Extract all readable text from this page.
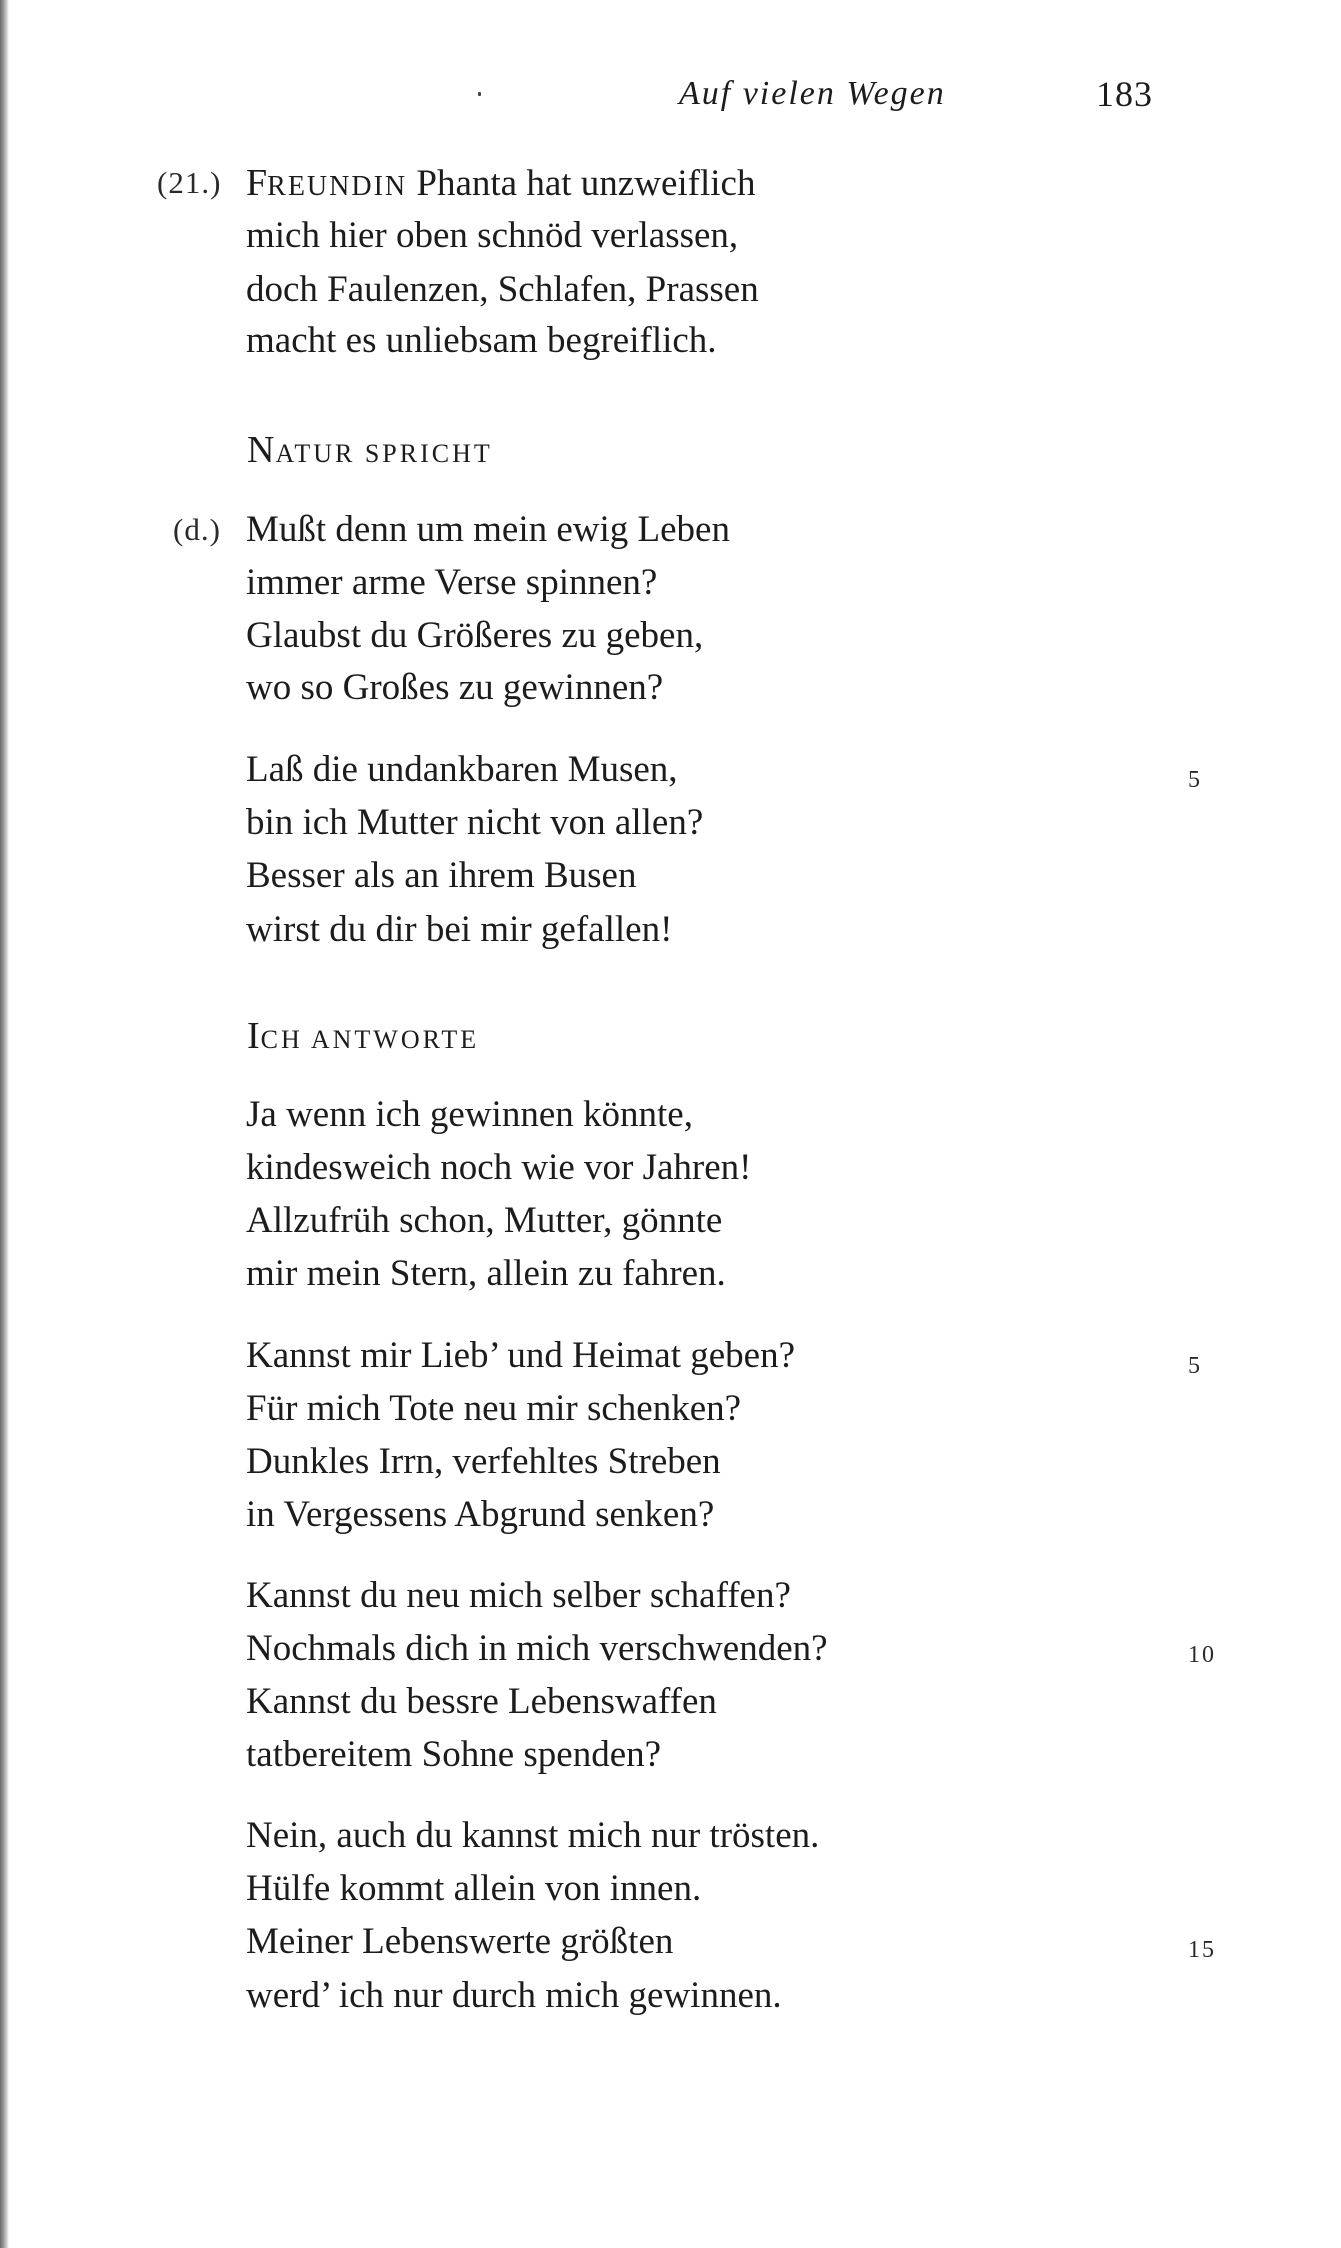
Auf vielen Wegen	183
(21.) FREUNDIN Phanta hat unzweiflich
mich hier oben schnöd verlassen,
doch Faulenzen, Schlafen, Prassen
macht es unliebsam begreiflich.
NATUR SPRICHT
(d.) Mußt denn um mein ewig Leben
immer arme Verse spinnen?
Glaubst du Größeres zu geben,
wo so Großes zu gewinnen?
Laß die undankbaren Musen,	5
bin ich Mutter nicht von allen?
Besser als an ihrem Busen
wirst du dir bei mir gefallen!
ICH ANTWORTE
Ja wenn ich gewinnen könnte,
kindesweich noch wie vor Jahren!
Allzufrüh schon, Mutter, gönnte
mir mein Stern, allein zu fahren.
Kannst mir Lieb’ und Heimat geben?	5
Für mich Tote neu mir schenken?
Dunkles Irrn, verfehltes Streben
in Vergessens Abgrund senken?
Kannst du neu mich selber schaffen?
Nochmals dich in mich verschwenden?	10
Kannst du bessre Lebenswaffen
tatbereitem Sohne spenden?
Nein, auch du kannst mich nur trösten.
Hülfe kommt allein von innen.
Meiner Lebenswerte größten	15
werd’ ich nur durch mich gewinnen.
